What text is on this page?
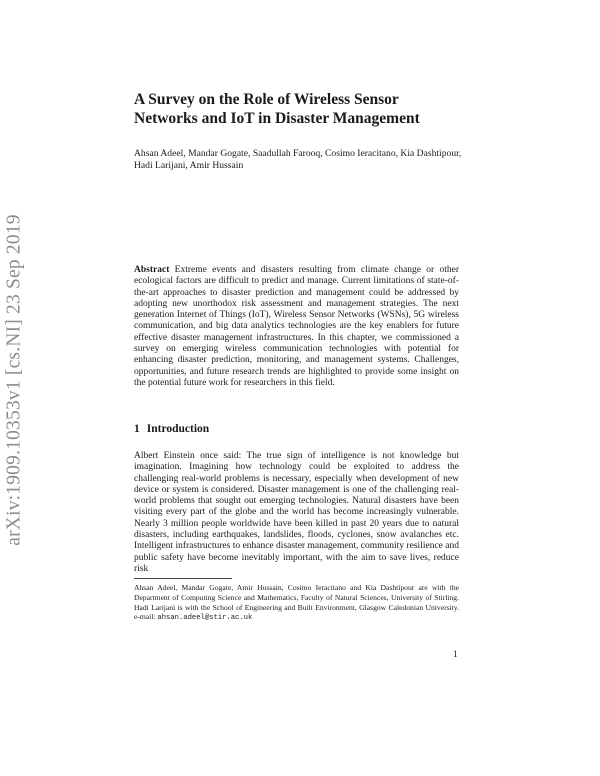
arXiv:1909.10353v1 [cs.NI] 23 Sep 2019
A Survey on the Role of Wireless Sensor Networks and IoT in Disaster Management

Ahsan Adeel, Mandar Gogate, Saadullah Farooq, Cosimo Ieracitano, Kia Dashtipour, Hadi Larijani, Amir Hussain

Abstract Extreme events and disasters resulting from climate change or other ecological factors are difficult to predict and manage. Current limitations of state-of-the-art approaches to disaster prediction and management could be addressed by adopting new unorthodox risk assessment and management strategies. The next generation Internet of Things (IoT), Wireless Sensor Networks (WSNs), 5G wireless communication, and big data analytics technologies are the key enablers for future effective disaster management infrastructures. In this chapter, we commissioned a survey on emerging wireless communication technologies with potential for enhancing disaster prediction, monitoring, and management systems. Challenges, opportunities, and future research trends are highlighted to provide some insight on the potential future work for researchers in this field.

1 Introduction

Albert Einstein once said: The true sign of intelligence is not knowledge but imagination. Imagining how technology could be exploited to address the challenging real-world problems is necessary, especially when development of new device or system is considered. Disaster management is one of the challenging real-world problems that sought out emerging technologies. Natural disasters have been visiting every part of the globe and the world has become increasingly vulnerable. Nearly 3 million people worldwide have been killed in past 20 years due to natural disasters, including earthquakes, landslides, floods, cyclones, snow avalanches etc. Intelligent infrastructures to enhance disaster management, community resilience and public safety have become inevitably important, with the aim to save lives, reduce risk

Ahsan Adeel, Mandar Gogate, Amir Hussain, Cosimo Ieracitano and Kia Dashtipour are with the Department of Computing Science and Mathematics, Faculty of Natural Sciences, University of Stirling. Hadi Larijani is with the School of Engineering and Built Environment, Glasgow Caledonian University. e-mail: ahsan.adeel@stir.ac.uk

1
